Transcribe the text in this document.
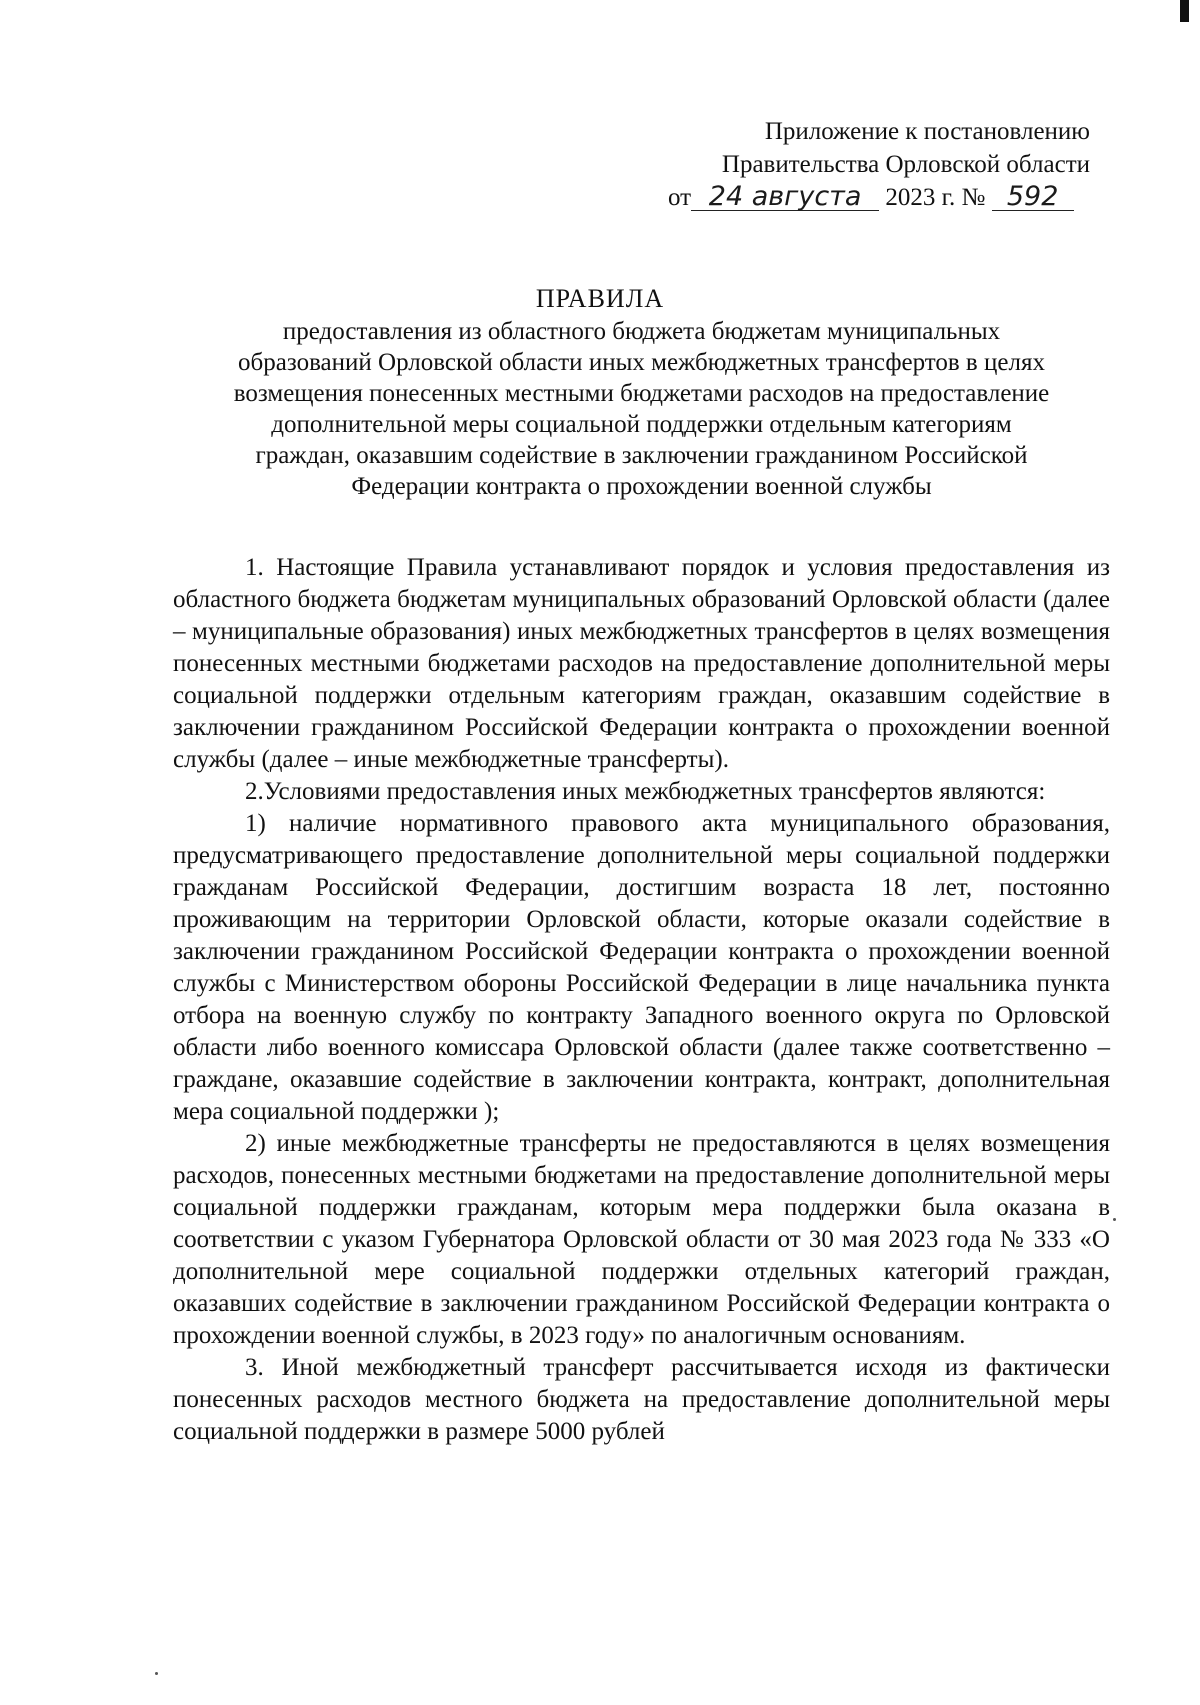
Приложение к постановлению
Правительства Орловской области
от 24 августа 2023 г. № 592
ПРАВИЛА
предоставления из областного бюджета бюджетам муниципальных
образований Орловской области иных межбюджетных трансфертов в целях
возмещения понесенных местными бюджетами расходов на предоставление
дополнительной меры социальной поддержки отдельным категориям
граждан, оказавшим содействие в заключении гражданином Российской
Федерации контракта о прохождении военной службы

1. Настоящие Правила устанавливают порядок и условия предоставления из областного бюджета бюджетам муниципальных образований Орловской области (далее – муниципальные образования) иных межбюджетных трансфертов в целях возмещения понесенных местными бюджетами расходов на предоставление дополнительной меры социальной поддержки отдельным категориям граждан, оказавшим содействие в заключении гражданином Российской Федерации контракта о прохождении военной службы (далее – иные межбюджетные трансферты).

2.Условиями предоставления иных межбюджетных трансфертов являются:

1) наличие нормативного правового акта муниципального образования, предусматривающего предоставление дополнительной меры социальной поддержки гражданам Российской Федерации, достигшим возраста 18 лет, постоянно проживающим на территории Орловской области, которые оказали содействие в заключении гражданином Российской Федерации контракта о прохождении военной службы с Министерством обороны Российской Федерации в лице начальника пункта отбора на военную службу по контракту Западного военного округа по Орловской области либо военного комиссара Орловской области (далее также соответственно – граждане, оказавшие содействие в заключении контракта, контракт, дополнительная мера социальной поддержки );

2) иные межбюджетные трансферты не предоставляются в целях возмещения расходов, понесенных местными бюджетами на предоставление дополнительной меры социальной поддержки гражданам, которым мера поддержки была оказана в соответствии с указом Губернатора Орловской области от 30 мая 2023 года № 333 «О дополнительной мере социальной поддержки отдельных категорий граждан, оказавших содействие в заключении гражданином Российской Федерации контракта о прохождении военной службы, в 2023 году» по аналогичным основаниям.

3. Иной межбюджетный трансферт рассчитывается исходя из фактически понесенных расходов местного бюджета на предоставление дополнительной меры социальной поддержки в размере 5000 рублей
